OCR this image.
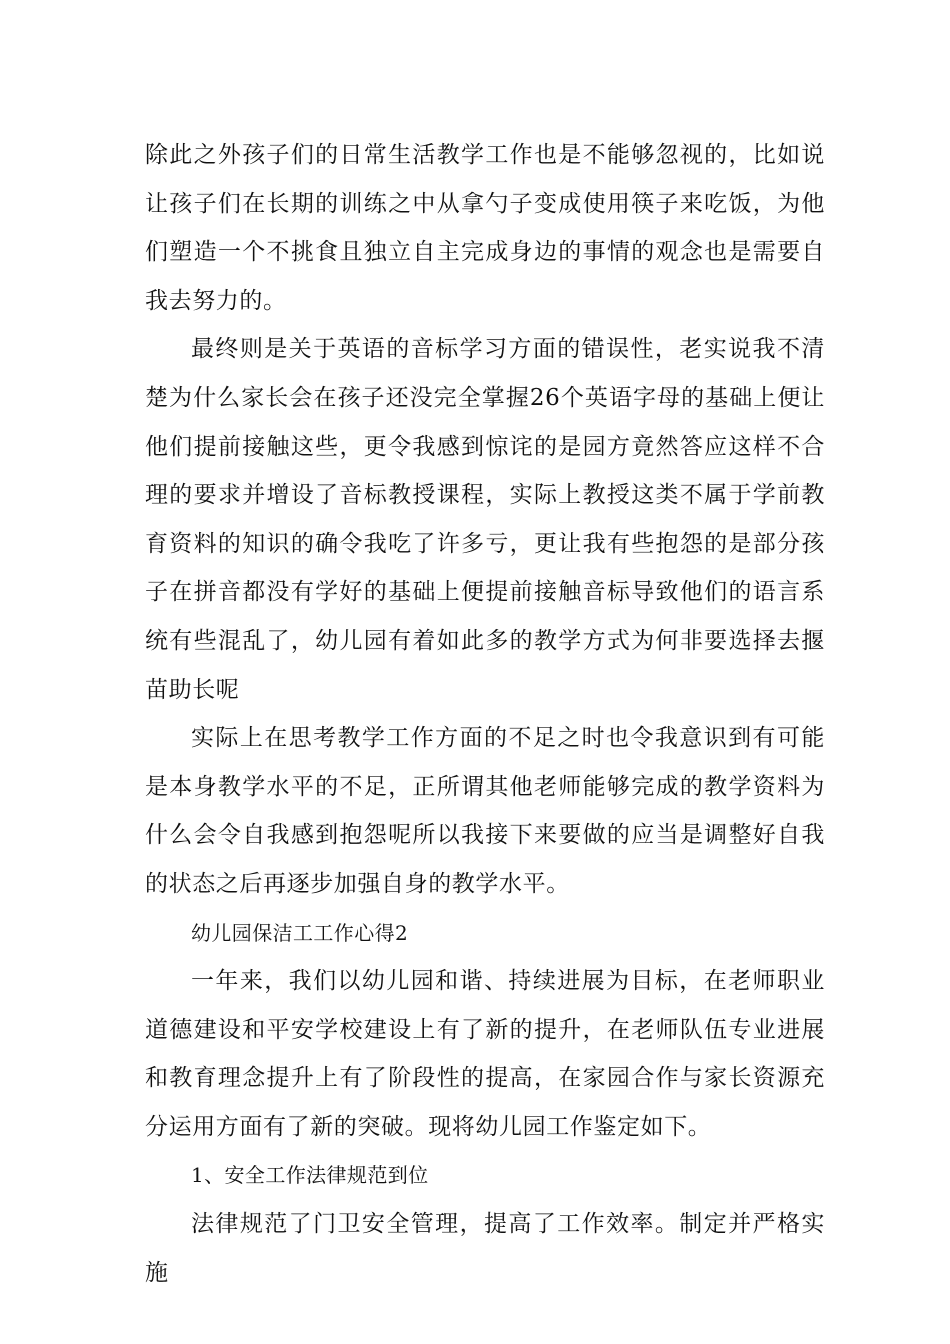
除此之外孩子们的日常生活教学工作也是不能够忽视的，比如说让孩子们在长期的训练之中从拿勺子变成使用筷子来吃饭，为他们塑造一个不挑食且独立自主完成身边的事情的观念也是需要自我去努力的。

最终则是关于英语的音标学习方面的错误性，老实说我不清楚为什么家长会在孩子还没完全掌握26个英语字母的基础上便让他们提前接触这些，更令我感到惊诧的是园方竟然答应这样不合理的要求并增设了音标教授课程，实际上教授这类不属于学前教育资料的知识的确令我吃了许多亏，更让我有些抱怨的是部分孩子在拼音都没有学好的基础上便提前接触音标导致他们的语言系统有些混乱了，幼儿园有着如此多的教学方式为何非要选择去揠苗助长呢

实际上在思考教学工作方面的不足之时也令我意识到有可能是本身教学水平的不足，正所谓其他老师能够完成的教学资料为什么会令自我感到抱怨呢所以我接下来要做的应当是调整好自我的状态之后再逐步加强自身的教学水平。

幼儿园保洁工工作心得2

一年来，我们以幼儿园和谐、持续进展为目标，在老师职业道德建设和平安学校建设上有了新的提升，在老师队伍专业进展和教育理念提升上有了阶段性的提高，在家园合作与家长资源充分运用方面有了新的突破。现将幼儿园工作鉴定如下。

1、安全工作法律规范到位

法律规范了门卫安全管理，提高了工作效率。制定并严格实施
